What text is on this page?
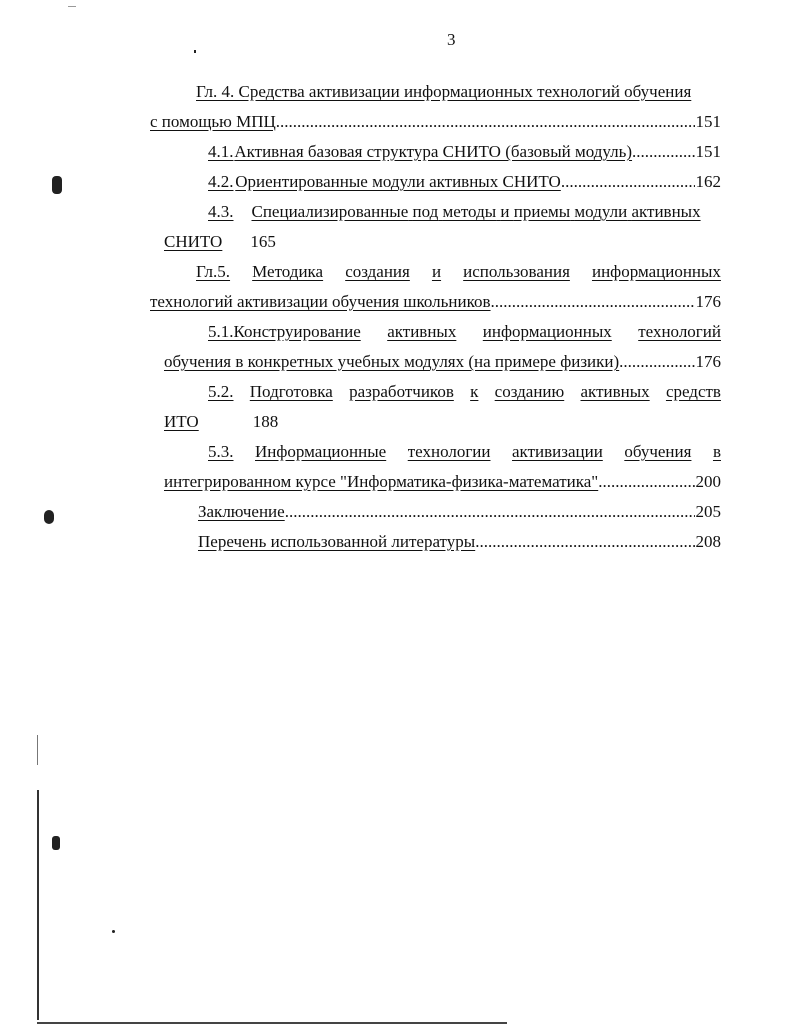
3
Гл. 4. Средства активизации информационных технологий обучения
с помощью МПЦ .....	151
4.1. Активная базовая структура СНИТО (базовый модуль) .....	151
4.2. Ориентированные модули активных СНИТО .....	162
4.3. Специализированные под методы и приемы модули активных
СНИТО 165
Гл.5. Методика создания и использования информационных
технологий активизации обучения школьников .....	176
5.1.Конструирование активных информационных технологий
обучения в конкретных учебных модулях (на примере физики) .....	176
5.2. Подготовка разработчиков к созданию активных средств
ИТО	188
5.3. Информационные технологии активизации обучения в
интегрированном курсе "Информатика-физика-математика" .....	200
Заключение .....	205
Перечень использованной литературы .....	208
